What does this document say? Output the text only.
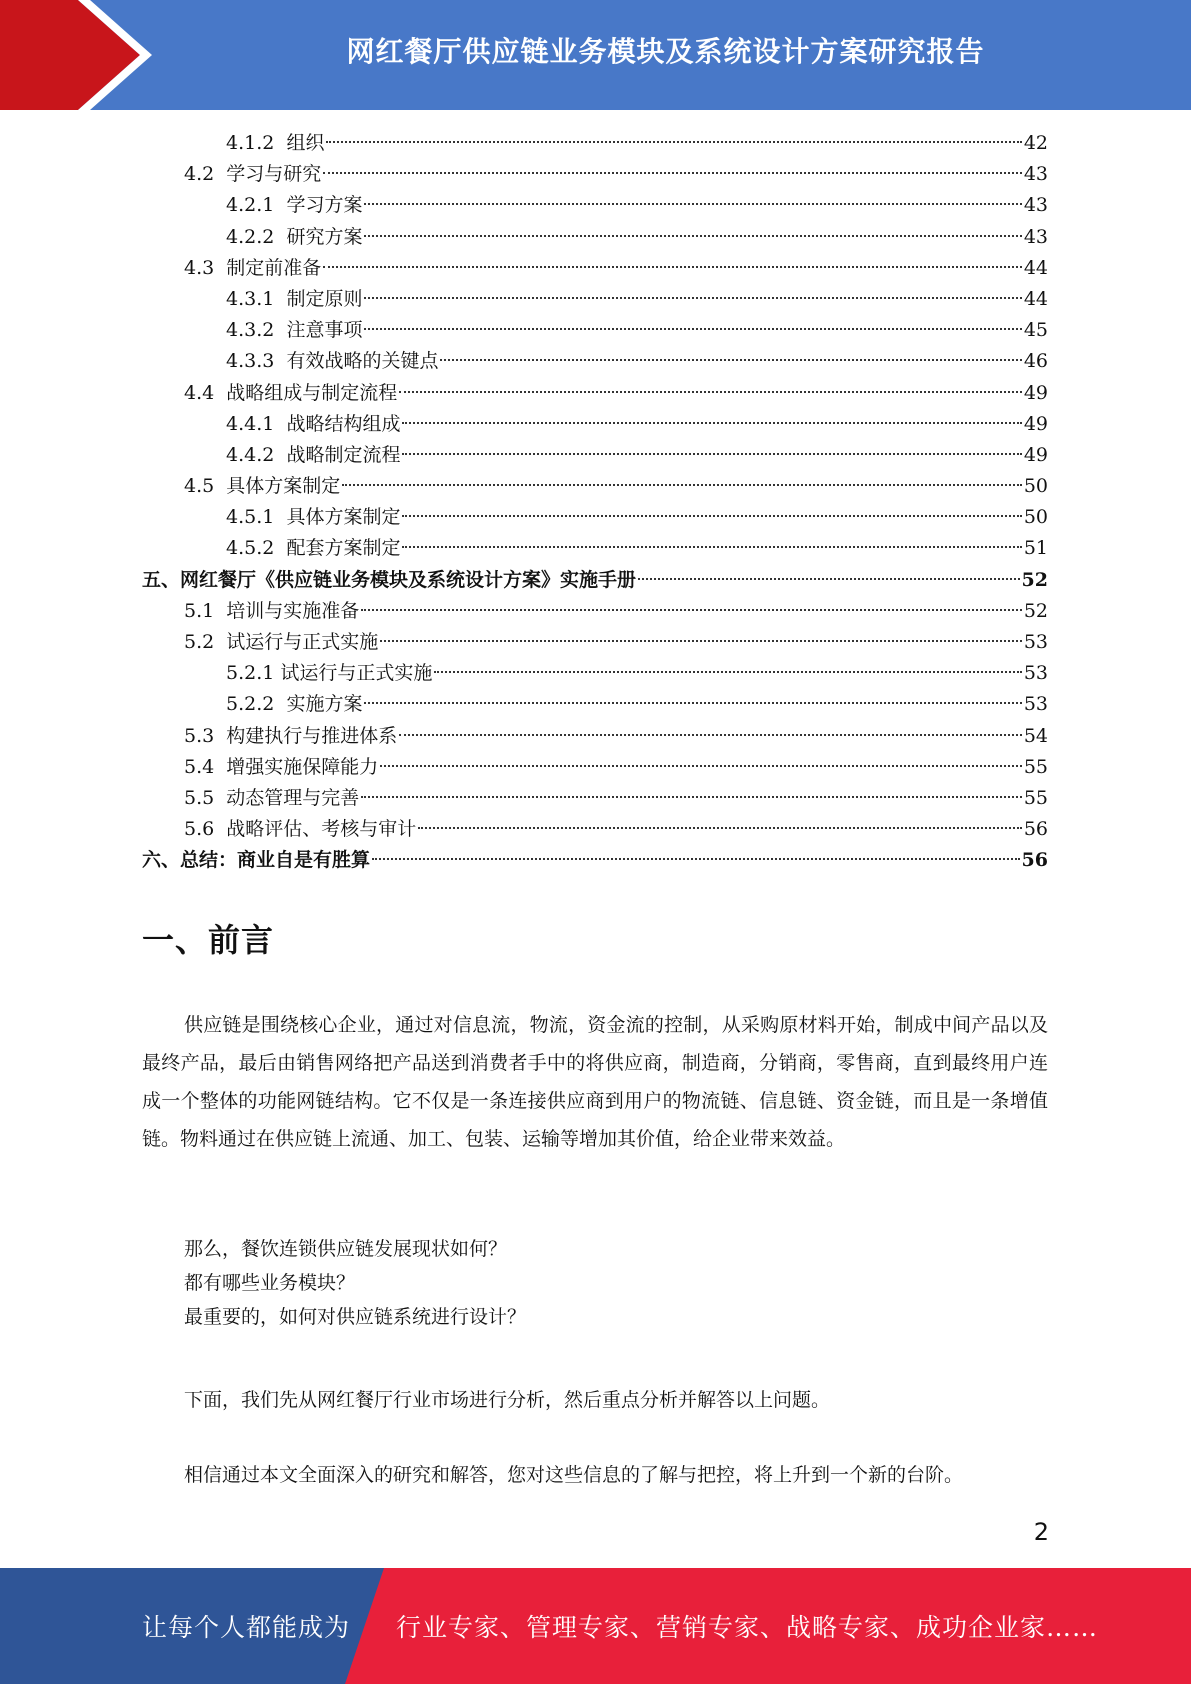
网红餐厅供应链业务模块及系统设计方案研究报告
4.1.2 组织	42
4.2 学习与研究	43
4.2.1 学习方案	43
4.2.2 研究方案	43
4.3 制定前准备	44
4.3.1 制定原则	44
4.3.2 注意事项	45
4.3.3 有效战略的关键点	46
4.4 战略组成与制定流程	49
4.4.1 战略结构组成	49
4.4.2 战略制定流程	49
4.5 具体方案制定	50
4.5.1 具体方案制定	50
4.5.2 配套方案制定	51
五、网红餐厅《供应链业务模块及系统设计方案》实施手册	52
5.1 培训与实施准备	52
5.2 试运行与正式实施	53
5.2.1 试运行与正式实施	53
5.2.2 实施方案	53
5.3 构建执行与推进体系	54
5.4 增强实施保障能力	55
5.5 动态管理与完善	55
5.6 战略评估、考核与审计	56
六、总结：商业自是有胜算	56
一、前言
供应链是围绕核心企业，通过对信息流，物流，资金流的控制，从采购原材料开始，制成中间产品以及最终产品，最后由销售网络把产品送到消费者手中的将供应商，制造商，分销商，零售商，直到最终用户连成一个整体的功能网链结构。它不仅是一条连接供应商到用户的物流链、信息链、资金链，而且是一条增值链。物料通过在供应链上流通、加工、包装、运输等增加其价值，给企业带来效益。
那么，餐饮连锁供应链发展现状如何？
都有哪些业务模块？
最重要的，如何对供应链系统进行设计？
下面，我们先从网红餐厅行业市场进行分析，然后重点分析并解答以上问题。
相信通过本文全面深入的研究和解答，您对这些信息的了解与把控，将上升到一个新的台阶。
2
让每个人都能成为 行业专家、管理专家、营销专家、战略专家、成功企业家……
